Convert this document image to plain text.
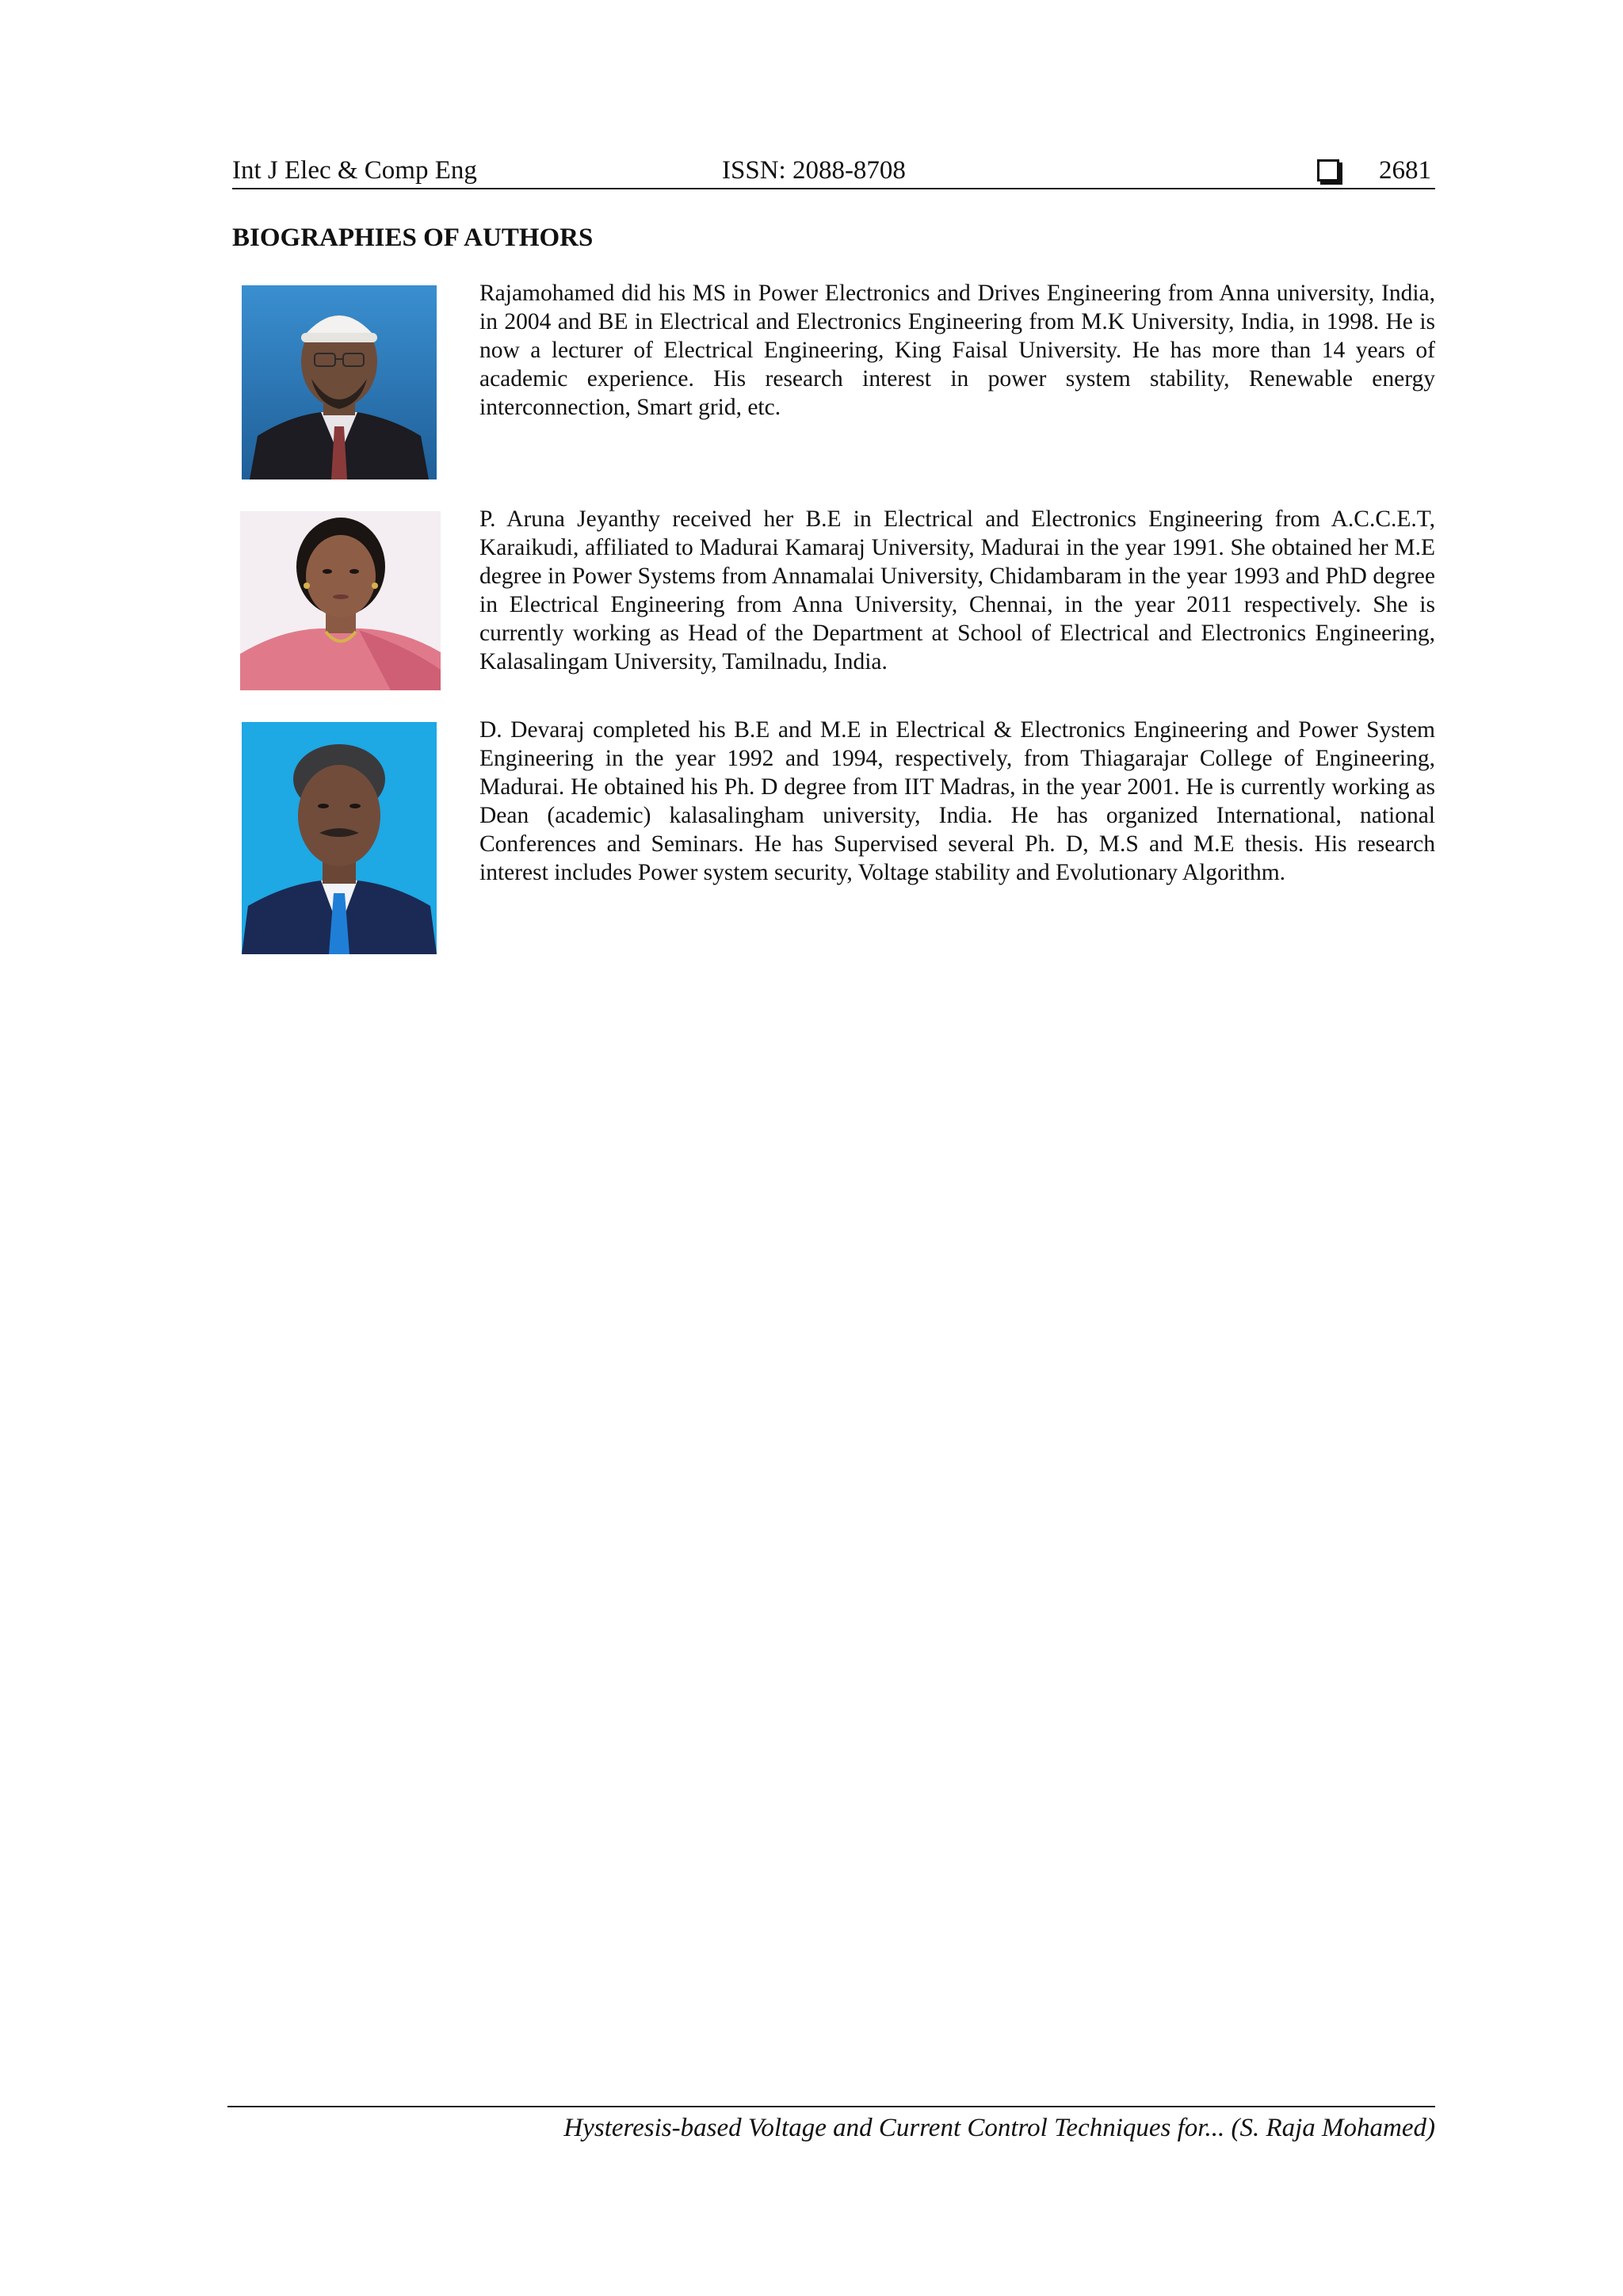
Int J Elec & Comp Eng	ISSN: 2088-8708	2681
BIOGRAPHIES OF AUTHORS

Rajamohamed did his MS in Power Electronics and Drives Engineering from Anna university, India, in 2004 and BE in Electrical and Electronics Engineering from M.K University, India, in 1998. He is now a lecturer of Electrical Engineering, King Faisal University. He has more than 14 years of academic experience. His research interest in power system stability, Renewable energy interconnection, Smart grid, etc.

P. Aruna Jeyanthy received her B.E in Electrical and Electronics Engineering from A.C.C.E.T, Karaikudi, affiliated to Madurai Kamaraj University, Madurai in the year 1991. She obtained her M.E degree in Power Systems from Annamalai University, Chidambaram in the year 1993 and PhD degree in Electrical Engineering from Anna University, Chennai, in the year 2011 respectively. She is currently working as Head of the Department at School of Electrical and Electronics Engineering, Kalasalingam University, Tamilnadu, India.

D. Devaraj completed his B.E and M.E in Electrical & Electronics Engineering and Power System Engineering in the year 1992 and 1994, respectively, from Thiagarajar College of Engineering, Madurai. He obtained his Ph. D degree from IIT Madras, in the year 2001. He is currently working as Dean (academic) kalasalingham university, India. He has organized International, national Conferences and Seminars. He has Supervised several Ph. D, M.S and M.E thesis. His research interest includes Power system security, Voltage stability and Evolutionary Algorithm.

Hysteresis-based Voltage and Current Control Techniques for... (S. Raja Mohamed)
